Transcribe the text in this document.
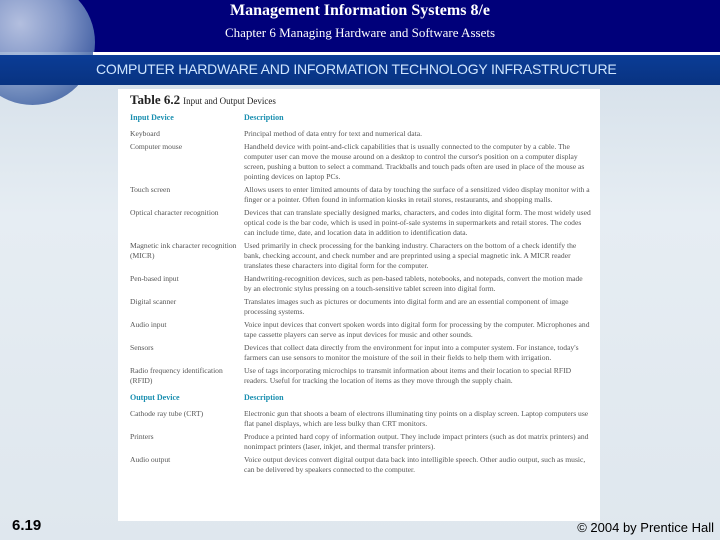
Management Information Systems 8/e
Chapter 6 Managing Hardware and Software Assets
COMPUTER HARDWARE AND INFORMATION TECHNOLOGY INFRASTRUCTURE
Table 6.2 Input and Output Devices
Input Device	Description
Keyboard	Principal method of data entry for text and numerical data.
Computer mouse	Handheld device with point-and-click capabilities that is usually connected to the computer by a cable. The computer user can move the mouse around on a desktop to control the cursor's position on a computer display screen, pushing a button to select a command. Trackballs and touch pads often are used in place of the mouse as pointing devices on laptop PCs.
Touch screen	Allows users to enter limited amounts of data by touching the surface of a sensitized video display monitor with a finger or a pointer. Often found in information kiosks in retail stores, restaurants, and shopping malls.
Optical character recognition	Devices that can translate specially designed marks, characters, and codes into digital form. The most widely used optical code is the bar code, which is used in point-of-sale systems in supermarkets and retail stores. The codes can include time, date, and location data in addition to identification data.
Magnetic ink character recognition (MICR)	Used primarily in check processing for the banking industry. Characters on the bottom of a check identify the bank, checking account, and check number and are preprinted using a special magnetic ink. A MICR reader translates these characters into digital form for the computer.
Pen-based input	Handwriting-recognition devices, such as pen-based tablets, notebooks, and notepads, convert the motion made by an electronic stylus pressing on a touch-sensitive tablet screen into digital form.
Digital scanner	Translates images such as pictures or documents into digital form and are an essential component of image processing systems.
Audio input	Voice input devices that convert spoken words into digital form for processing by the computer. Microphones and tape cassette players can serve as input devices for music and other sounds.
Sensors	Devices that collect data directly from the environment for input into a computer system. For instance, today's farmers can use sensors to monitor the moisture of the soil in their fields to help them with irrigation.
Radio frequency identification (RFID)	Use of tags incorporating microchips to transmit information about items and their location to special RFID readers. Useful for tracking the location of items as they move through the supply chain.
Output Device	Description
Cathode ray tube (CRT)	Electronic gun that shoots a beam of electrons illuminating tiny points on a display screen. Laptop computers use flat panel displays, which are less bulky than CRT monitors.
Printers	Produce a printed hard copy of information output. They include impact printers (such as dot matrix printers) and nonimpact printers (laser, inkjet, and thermal transfer printers).
Audio output	Voice output devices convert digital output data back into intelligible speech. Other audio output, such as music, can be delivered by speakers connected to the computer.
6.19	© 2004 by Prentice Hall
